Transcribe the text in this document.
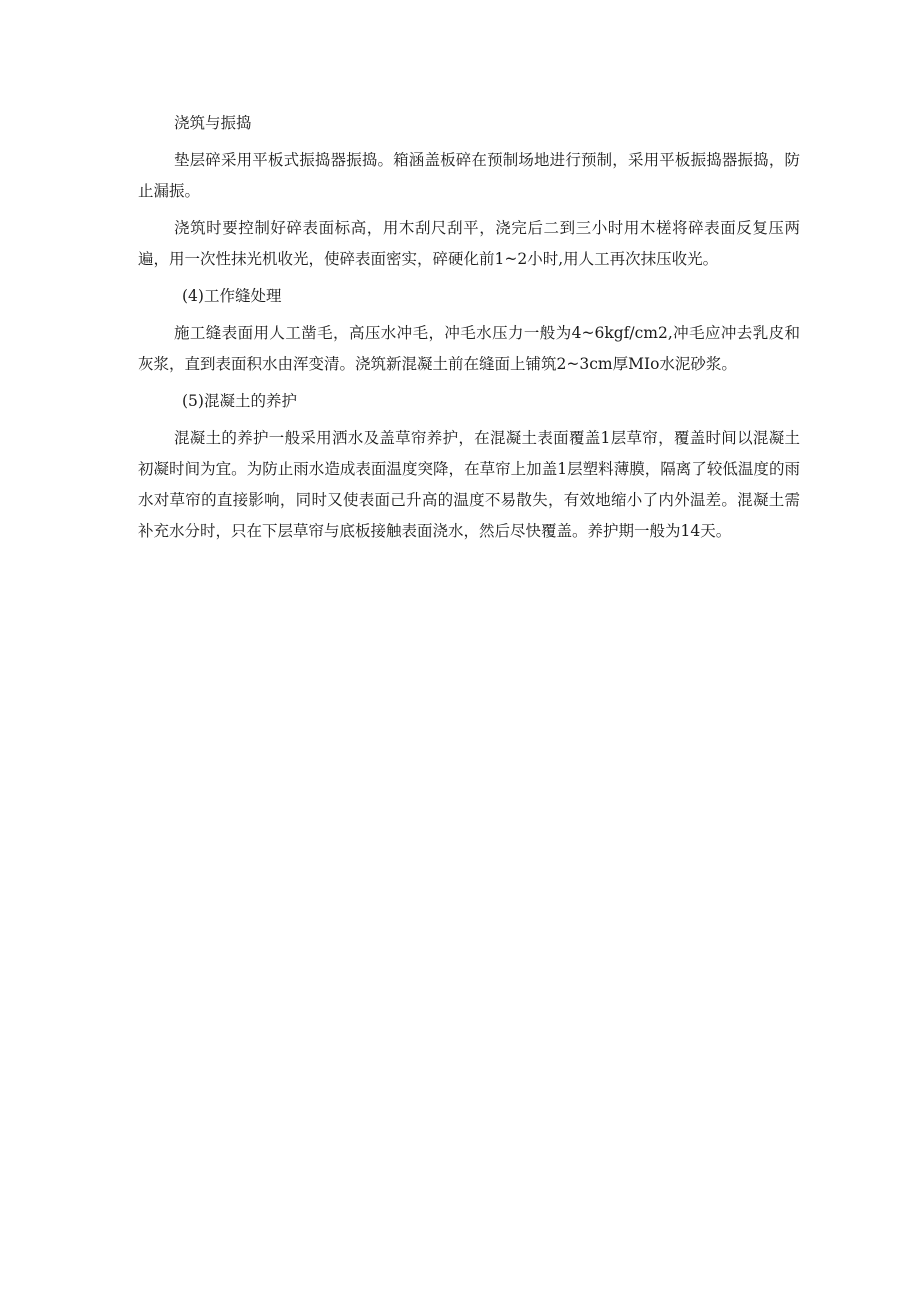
浇筑与振捣

垫层碎采用平板式振捣器振捣。箱涵盖板碎在预制场地进行预制，采用平板振捣器振捣，防止漏振。

浇筑时要控制好碎表面标高，用木刮尺刮平，浇完后二到三小时用木槎将碎表面反复压两遍，用一次性抹光机收光，使碎表面密实，碎硬化前1~2小时,用人工再次抹压收光。

(4)工作缝处理

施工缝表面用人工凿毛，高压水冲毛，冲毛水压力一般为4~6kgf/cm2,冲毛应冲去乳皮和灰浆，直到表面积水由浑变清。浇筑新混凝土前在缝面上铺筑2~3cm厚MIo水泥砂浆。

(5)混凝土的养护

混凝土的养护一般采用洒水及盖草帘养护，在混凝土表面覆盖1层草帘，覆盖时间以混凝土初凝时间为宜。为防止雨水造成表面温度突降，在草帘上加盖1层塑料薄膜，隔离了较低温度的雨水对草帘的直接影响，同时又使表面己升高的温度不易散失，有效地缩小了内外温差。混凝土需补充水分时，只在下层草帘与底板接触表面浇水，然后尽快覆盖。养护期一般为14天。
